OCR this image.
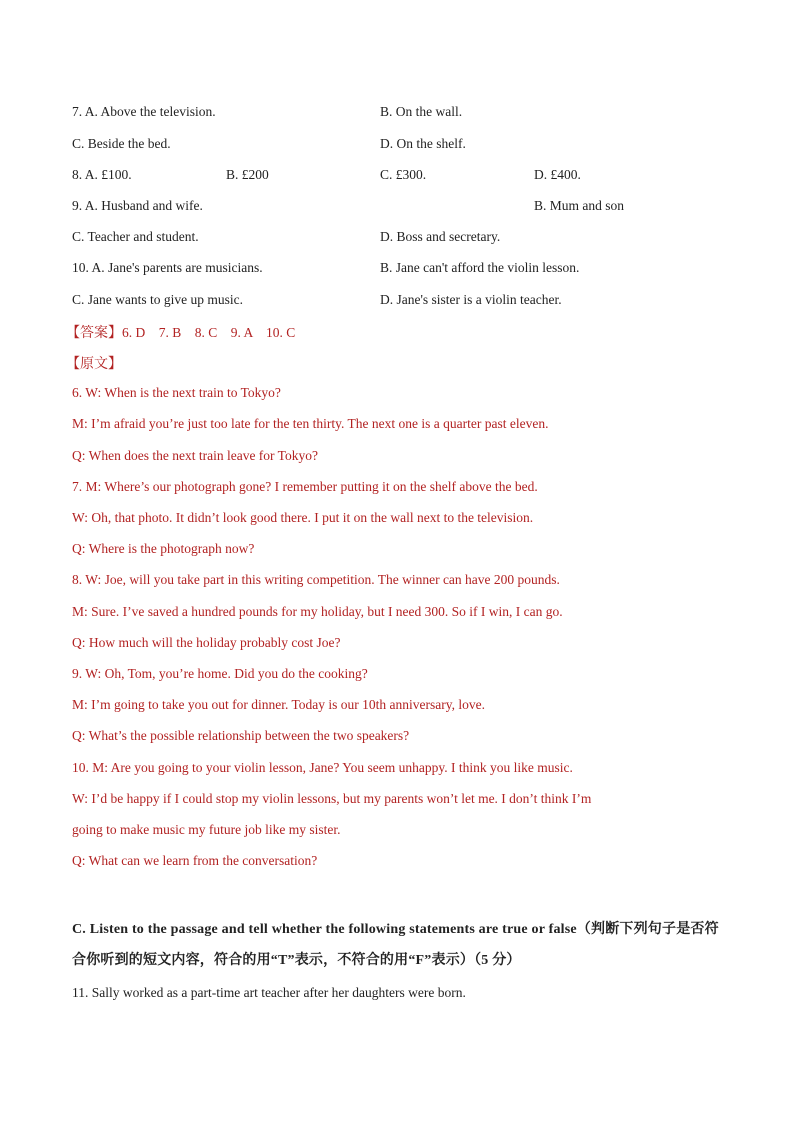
7. A. Above the television.	B. On the wall.
C. Beside the bed.	D. On the shelf.
8. A. £100.	B. £200	C. £300.	D. £400.
9. A. Husband and wife.	B. Mum and son
C. Teacher and student.	D. Boss and secretary.
10. A. Jane's parents are musicians.	B. Jane can't afford the violin lesson.
C. Jane wants to give up music.	D. Jane's sister is a violin teacher.
【答案】6. D    7. B    8. C    9. A    10. C
【原文】
6. W: When is the next train to Tokyo?
M: I’m afraid you’re just too late for the ten thirty. The next one is a quarter past eleven.
Q: When does the next train leave for Tokyo?
7. M: Where’s our photograph gone? I remember putting it on the shelf above the bed.
W: Oh, that photo. It didn’t look good there. I put it on the wall next to the television.
Q: Where is the photograph now?
8. W: Joe, will you take part in this writing competition. The winner can have 200 pounds.
M: Sure. I’ve saved a hundred pounds for my holiday, but I need 300. So if I win, I can go.
Q: How much will the holiday probably cost Joe?
9. W: Oh, Tom, you’re home. Did you do the cooking?
M: I’m going to take you out for dinner. Today is our 10th anniversary, love.
Q: What’s the possible relationship between the two speakers?
10. M: Are you going to your violin lesson, Jane? You seem unhappy. I think you like music.
W: I’d be happy if I could stop my violin lessons, but my parents won’t let me. I don’t think I’m
going to make music my future job like my sister.
Q: What can we learn from the conversation?
C. Listen to the passage and tell whether the following statements are true or false（判断下列句子是否符合你听到的短文内容，符合的用“T”表示，不符合的用“F”表示）（5 分）
11. Sally worked as a part-time art teacher after her daughters were born.
